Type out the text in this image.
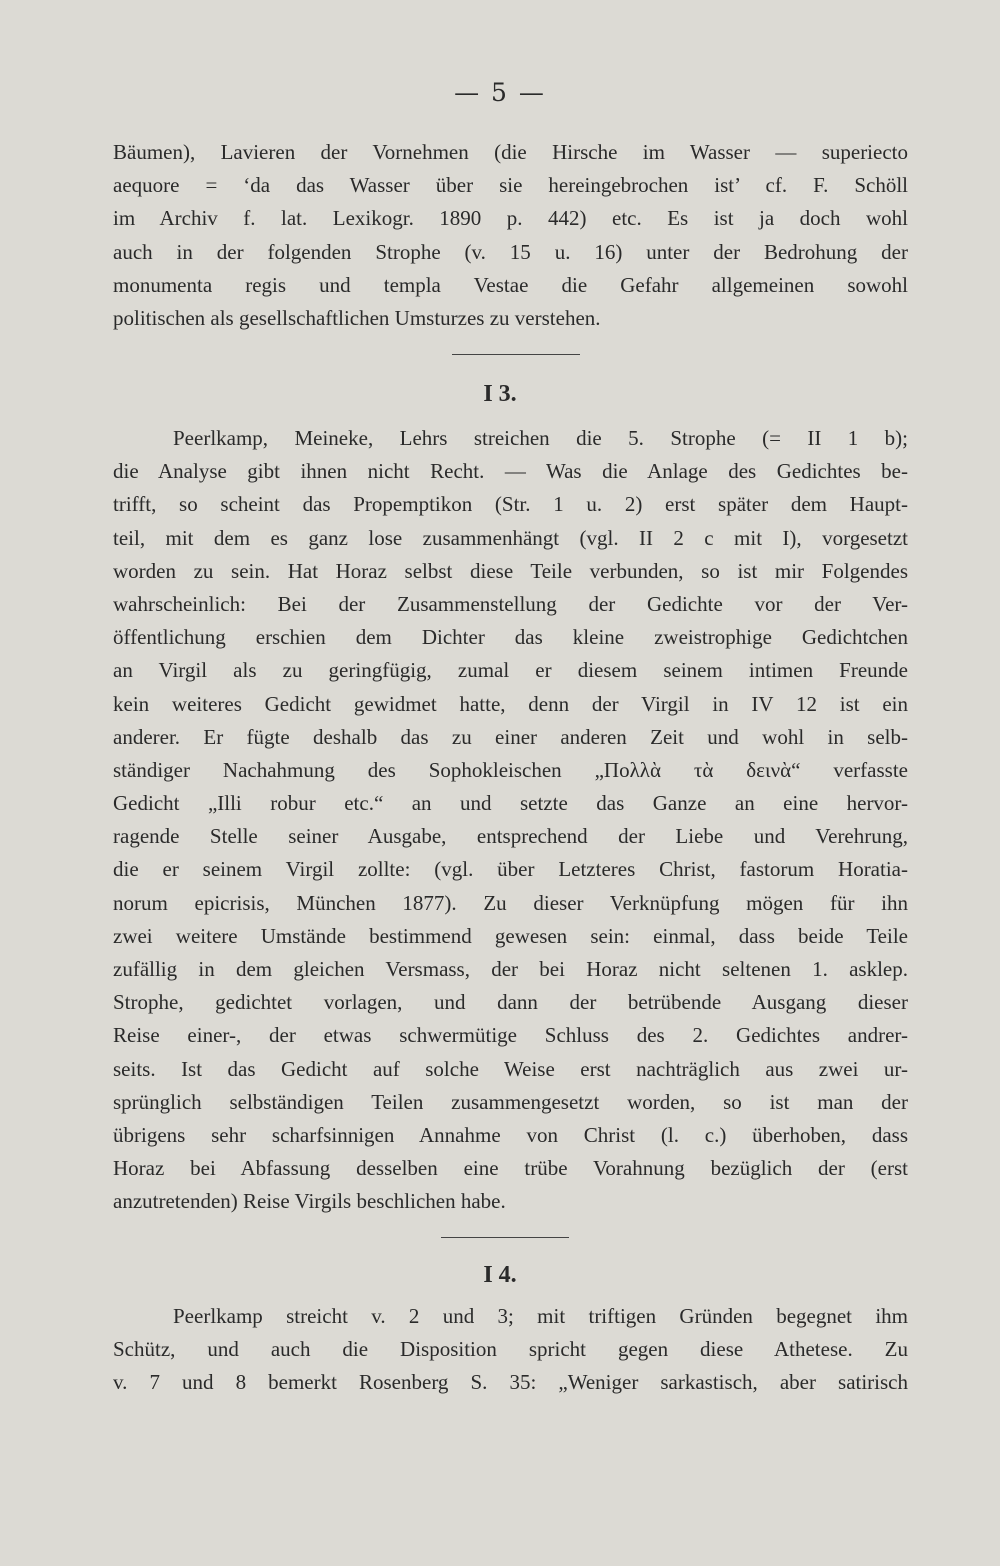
— 5 —
Bäumen), Lavieren der Vornehmen (die Hirsche im Wasser — superiecto
aequore = ‘da das Wasser über sie hereingebrochen ist’ cf. F. Schöll
im Archiv f. lat. Lexikogr. 1890 p. 442) etc. Es ist ja doch wohl
auch in der folgenden Strophe (v. 15 u. 16) unter der Bedrohung der
monumenta regis und templa Vestae die Gefahr allgemeinen sowohl
politischen als gesellschaftlichen Umsturzes zu verstehen.
I 3.
Peerlkamp, Meineke, Lehrs streichen die 5. Strophe (= II 1 b);
die Analyse gibt ihnen nicht Recht. — Was die Anlage des Gedichtes be-
trifft, so scheint das Propemptikon (Str. 1 u. 2) erst später dem Haupt-
teil, mit dem es ganz lose zusammenhängt (vgl. II 2 c mit I), vorgesetzt
worden zu sein. Hat Horaz selbst diese Teile verbunden, so ist mir Folgendes
wahrscheinlich: Bei der Zusammenstellung der Gedichte vor der Ver-
öffentlichung erschien dem Dichter das kleine zweistrophige Gedichtchen
an Virgil als zu geringfügig, zumal er diesem seinem intimen Freunde
kein weiteres Gedicht gewidmet hatte, denn der Virgil in IV 12 ist ein
anderer. Er fügte deshalb das zu einer anderen Zeit und wohl in selb-
ständiger Nachahmung des Sophokleischen „Πολλὰ τὰ δεινὰ“ verfasste
Gedicht „Illi robur etc.“ an und setzte das Ganze an eine hervor-
ragende Stelle seiner Ausgabe, entsprechend der Liebe und Verehrung,
die er seinem Virgil zollte: (vgl. über Letzteres Christ, fastorum Horatia-
norum epicrisis, München 1877). Zu dieser Verknüpfung mögen für ihn
zwei weitere Umstände bestimmend gewesen sein: einmal, dass beide Teile
zufällig in dem gleichen Versmass, der bei Horaz nicht seltenen 1. asklep.
Strophe, gedichtet vorlagen, und dann der betrübende Ausgang dieser
Reise einer-, der etwas schwermütige Schluss des 2. Gedichtes andrer-
seits. Ist das Gedicht auf solche Weise erst nachträglich aus zwei ur-
sprünglich selbständigen Teilen zusammengesetzt worden, so ist man der
übrigens sehr scharfsinnigen Annahme von Christ (l. c.) überhoben, dass
Horaz bei Abfassung desselben eine trübe Vorahnung bezüglich der (erst
anzutretenden) Reise Virgils beschlichen habe.
I 4.
Peerlkamp streicht v. 2 und 3; mit triftigen Gründen begegnet ihm
Schütz, und auch die Disposition spricht gegen diese Athetese. Zu
v. 7 und 8 bemerkt Rosenberg S. 35: „Weniger sarkastisch, aber satirisch
